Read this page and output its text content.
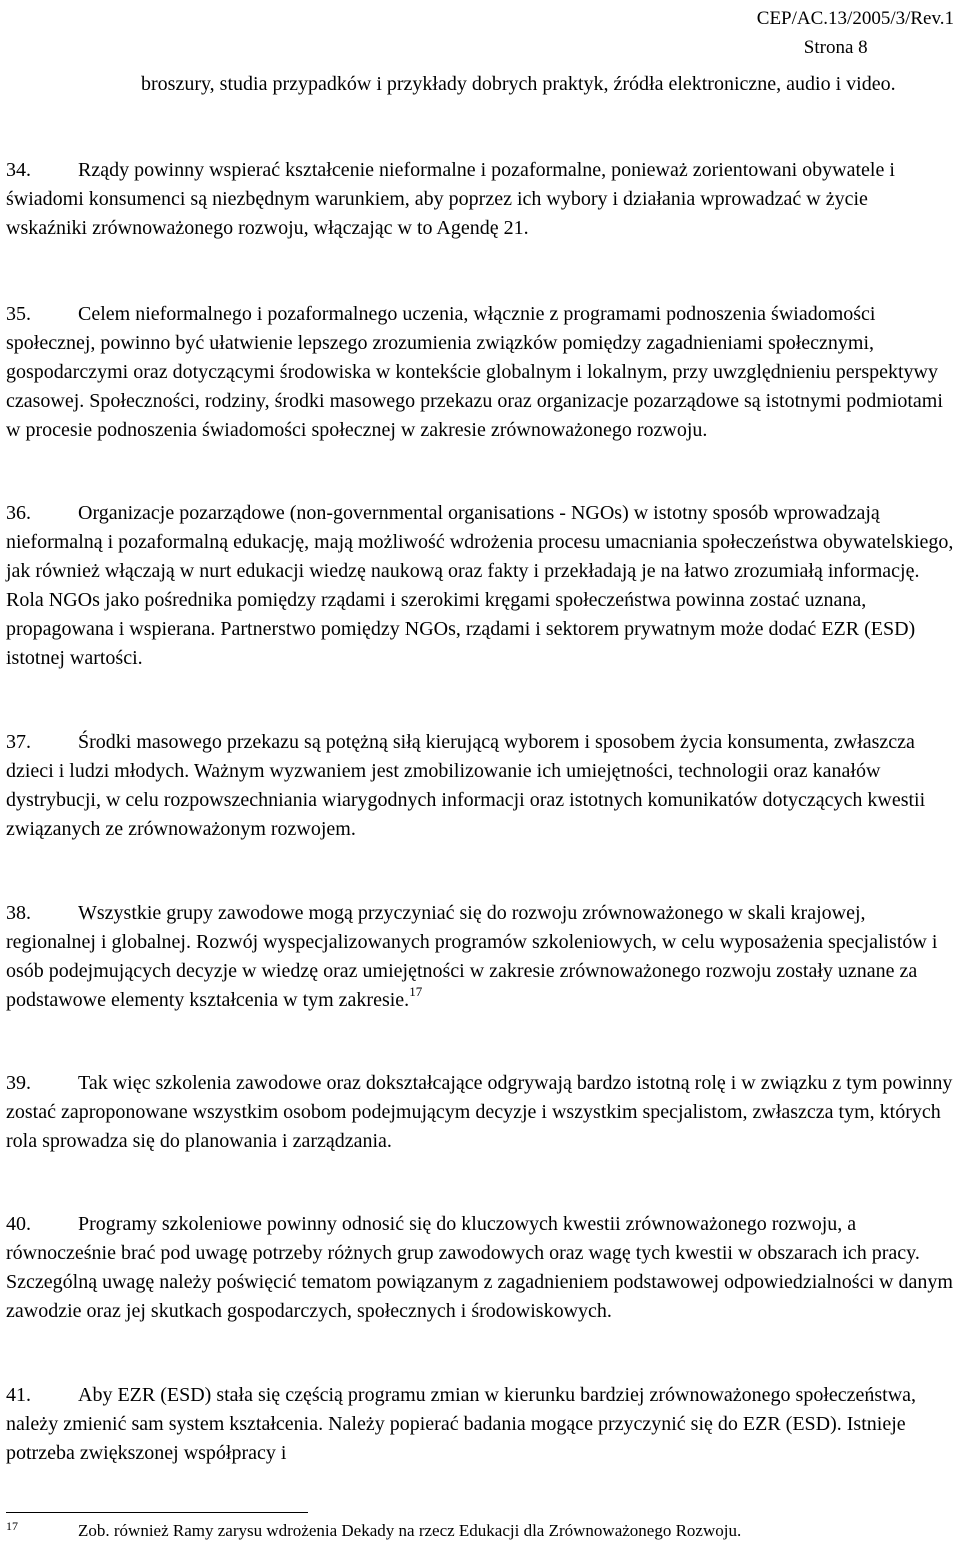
CEP/AC.13/2005/3/Rev.1
Strona 8
broszury, studia przypadków i przykłady dobrych praktyk, źródła elektroniczne, audio i video.
34. Rządy powinny wspierać kształcenie nieformalne i pozaformalne, ponieważ zorientowani obywatele i świadomi konsumenci są niezbędnym warunkiem, aby poprzez ich wybory i działania wprowadzać w życie wskaźniki zrównoważonego rozwoju, włączając w to Agendę 21.
35. Celem nieformalnego i pozaformalnego uczenia, włącznie z programami podnoszenia świadomości społecznej, powinno być ułatwienie lepszego zrozumienia związków pomiędzy zagadnieniami społecznymi, gospodarczymi oraz dotyczącymi środowiska w kontekście globalnym i lokalnym, przy uwzględnieniu perspektywy czasowej. Społeczności, rodziny, środki masowego przekazu oraz organizacje pozarządowe są istotnymi podmiotami w procesie podnoszenia świadomości społecznej w zakresie zrównoważonego rozwoju.
36. Organizacje pozarządowe (non-governmental organisations - NGOs) w istotny sposób wprowadzają nieformalną i pozaformalną edukację, mają możliwość wdrożenia procesu umacniania społeczeństwa obywatelskiego, jak również włączają w nurt edukacji wiedzę naukową oraz fakty i przekładają je na łatwo zrozumiałą informację. Rola NGOs jako pośrednika pomiędzy rządami i szerokimi kręgami społeczeństwa powinna zostać uznana, propagowana i wspierana. Partnerstwo pomiędzy NGOs, rządami i sektorem prywatnym może dodać EZR (ESD) istotnej wartości.
37. Środki masowego przekazu są potężną siłą kierującą wyborem i sposobem życia konsumenta, zwłaszcza dzieci i ludzi młodych. Ważnym wyzwaniem jest zmobilizowanie ich umiejętności, technologii oraz kanałów dystrybucji, w celu rozpowszechniania wiarygodnych informacji oraz istotnych komunikatów dotyczących kwestii związanych ze zrównoważonym rozwojem.
38. Wszystkie grupy zawodowe mogą przyczyniać się do rozwoju zrównoważonego w skali krajowej, regionalnej i globalnej. Rozwój wyspecjalizowanych programów szkoleniowych, w celu wyposażenia specjalistów i osób podejmujących decyzje w wiedzę oraz umiejętności w zakresie zrównoważonego rozwoju zostały uznane za podstawowe elementy kształcenia w tym zakresie.$^{17}$
39. Tak więc szkolenia zawodowe oraz dokształcające odgrywają bardzo istotną rolę i w związku z tym powinny zostać zaproponowane wszystkim osobom podejmującym decyzje i wszystkim specjalistom, zwłaszcza tym, których rola sprowadza się do planowania i zarządzania.
40. Programy szkoleniowe powinny odnosić się do kluczowych kwestii zrównoważonego rozwoju, a równocześnie brać pod uwagę potrzeby różnych grup zawodowych oraz wagę tych kwestii w obszarach ich pracy. Szczególną uwagę należy poświęcić tematom powiązanym z zagadnieniem podstawowej odpowiedzialności w danym zawodzie oraz jej skutkach gospodarczych, społecznych i środowiskowych.
41. Aby EZR (ESD) stała się częścią programu zmian w kierunku bardziej zrównoważonego społeczeństwa, należy zmienić sam system kształcenia. Należy popierać badania mogące przyczynić się do EZR (ESD). Istnieje potrzeba zwiększonej współpracy i
17	Zob. również Ramy zarysu wdrożenia Dekady na rzecz Edukacji dla Zrównoważonego Rozwoju.
